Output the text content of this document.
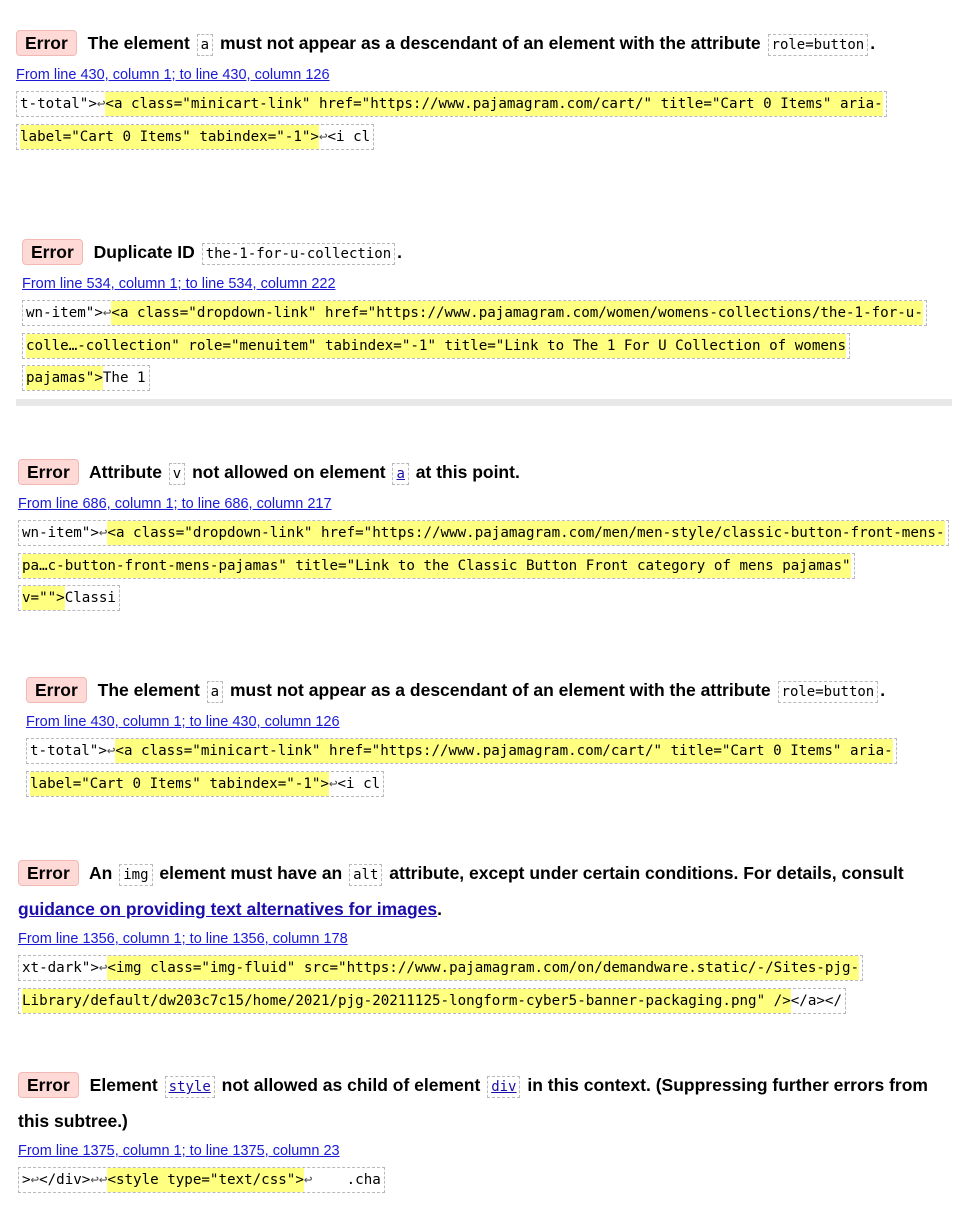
Error The element a must not appear as a descendant of an element with the attribute role=button .

From line 430, column 1; to line 430, column 126
t-total">↩<a class="minicart-link" href="https://www.pajamagram.com/cart/" title="Cart 0 Items" aria-label="Cart 0 Items" tabindex="-1">↩<i cl

Error Duplicate ID the-1-for-u-collection .

From line 534, column 1; to line 534, column 222
wn-item">↩<a class="dropdown-link" href="https://www.pajamagram.com/women/womens-collections/the-1-for-u-colle…-collection" role="menuitem" tabindex="-1" title="Link to The 1 For U Collection of womens pajamas">The 1

Error Attribute v not allowed on element a at this point.

From line 686, column 1; to line 686, column 217
wn-item">↩<a class="dropdown-link" href="https://www.pajamagram.com/men/men-style/classic-button-front-mens-pa…c-button-front-mens-pajamas" title="Link to the Classic Button Front category of mens pajamas" v="">Classi

Error The element a must not appear as a descendant of an element with the attribute role=button .

From line 430, column 1; to line 430, column 126
t-total">↩<a class="minicart-link" href="https://www.pajamagram.com/cart/" title="Cart 0 Items" aria-label="Cart 0 Items" tabindex="-1">↩<i cl

Error An img element must have an alt attribute, except under certain conditions. For details, consult guidance on providing text alternatives for images.

From line 1356, column 1; to line 1356, column 178
xt-dark">↩<img class="img-fluid" src="https://www.pajamagram.com/on/demandware.static/-/Sites-pjg-Library/default/dw203c7c15/home/2021/pjg-20211125-longform-cyber5-banner-packaging.png" /></a></

Error Element style not allowed as child of element div in this context. (Suppressing further errors from this subtree.)

From line 1375, column 1; to line 1375, column 23
>↩</div>↩↩<style type="text/css">↩    .cha
